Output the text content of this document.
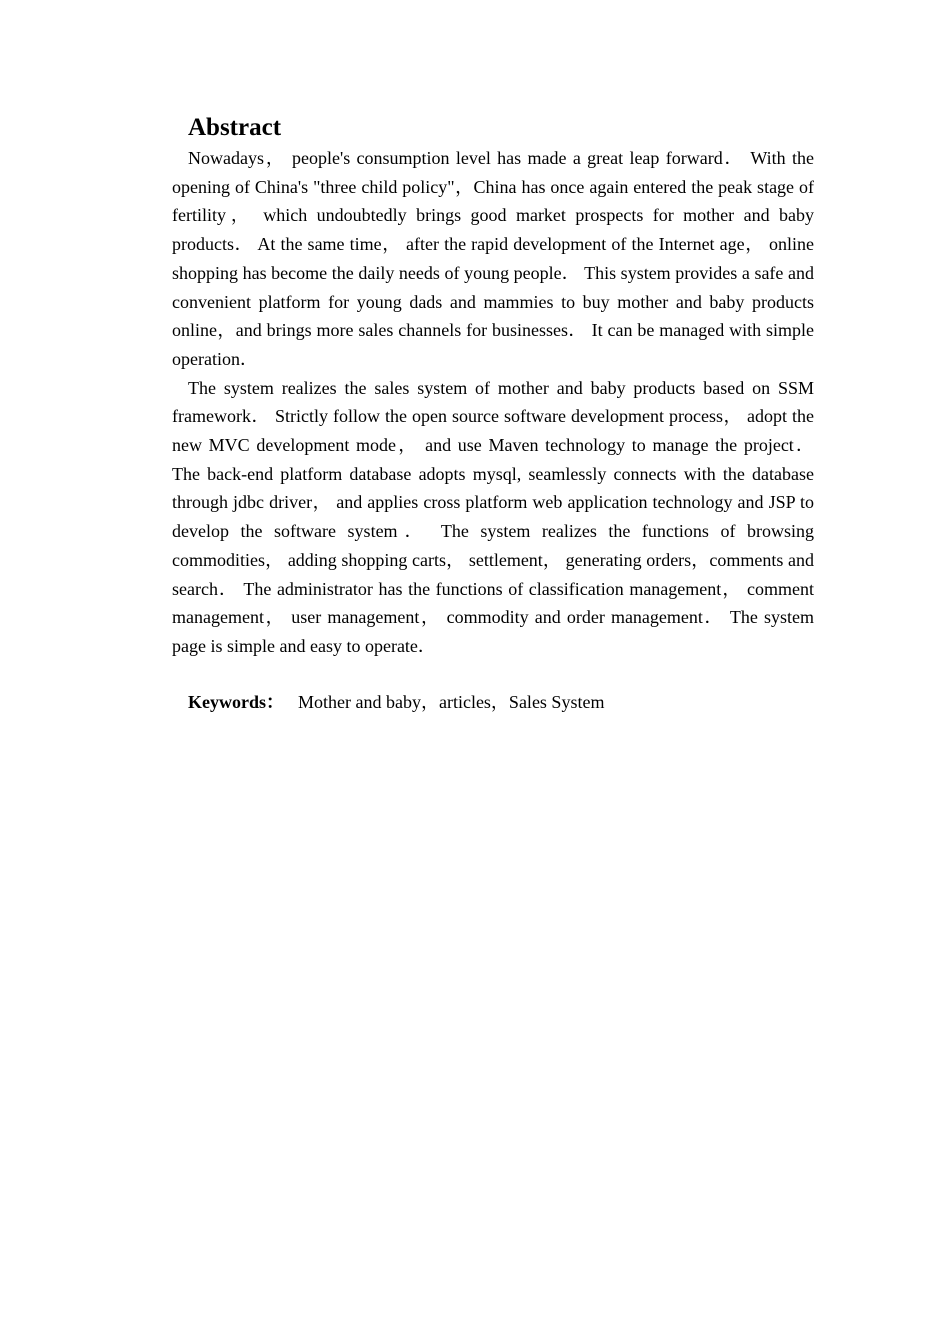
Abstract

Nowadays， people's consumption level has made a great leap forward． With the opening of China's "three child policy"，China has once again entered the peak stage of fertility， which undoubtedly brings good market prospects for mother and baby products． At the same time， after the rapid development of the Internet age， online shopping has become the daily needs of young people． This system provides a safe and convenient platform for young dads and mammies to buy mother and baby products online，and brings more sales channels for businesses． It can be managed with simple operation．

The system realizes the sales system of mother and baby products based on SSM framework． Strictly follow the open source software development process， adopt the new MVC development mode， and use Maven technology to manage the project． The back-end platform database adopts mysql, seamlessly connects with the database through jdbc driver， and applies cross platform web application technology and JSP to develop the software system． The system realizes the functions of browsing commodities， adding shopping carts， settlement， generating orders，comments and search． The administrator has the functions of classification management， comment management， user management， commodity and order management． The system page is simple and easy to operate．

Keywords： Mother and baby，articles，Sales System
